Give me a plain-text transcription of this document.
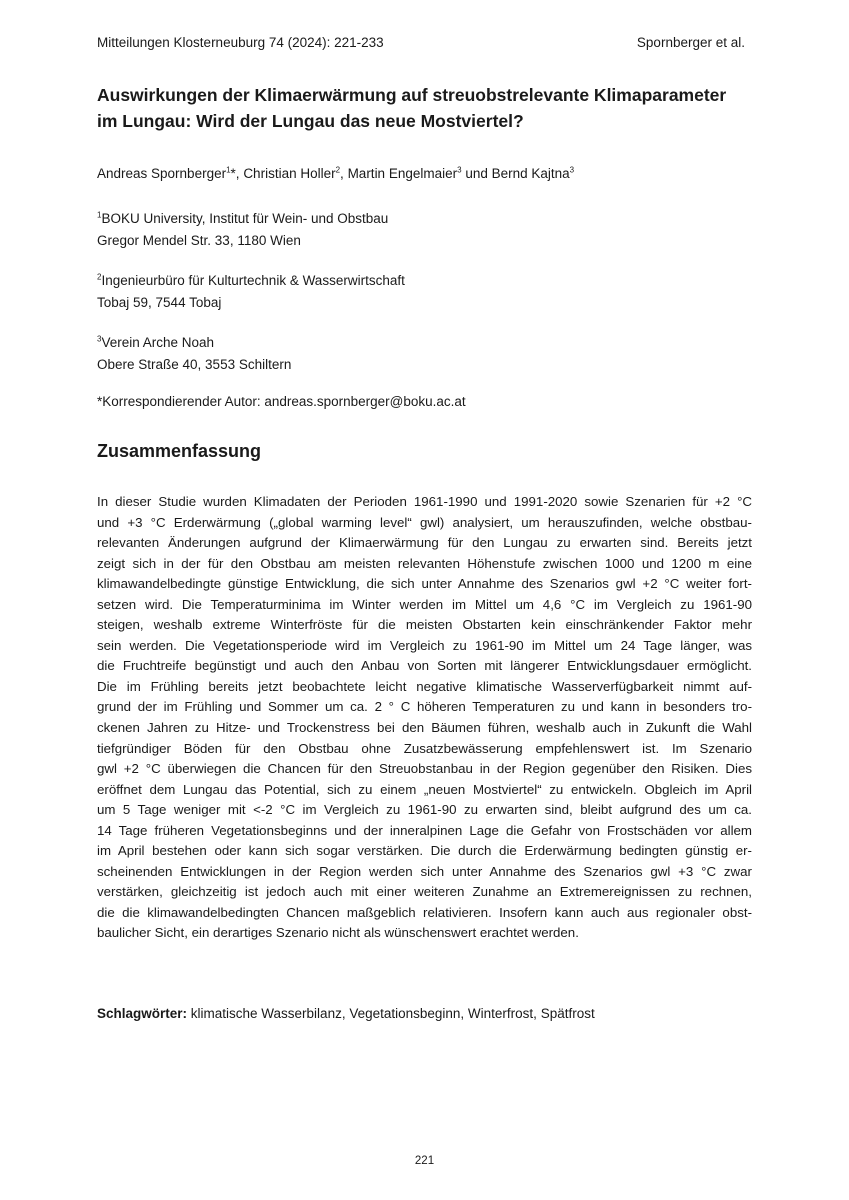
Mitteilungen Klosterneuburg 74 (2024): 221-233	Spornberger et al.
Auswirkungen der Klimaerwärmung auf streuobstrelevante Klimaparameter
im Lungau: Wird der Lungau das neue Mostviertel?
Andreas Spornberger$^1$*, Christian Holler$^2$, Martin Engelmaier$^3$ und Bernd Kajtna$^3$
$^1$BOKU University, Institut für Wein- und Obstbau
Gregor Mendel Str. 33, 1180 Wien
$^2$Ingenieurbüro für Kulturtechnik & Wasserwirtschaft
Tobaj 59, 7544 Tobaj
$^3$Verein Arche Noah
Obere Straße 40, 3553 Schiltern
*Korrespondierender Autor: andreas.spornberger@boku.ac.at
Zusammenfassung
In dieser Studie wurden Klimadaten der Perioden 1961-1990 und 1991-2020 sowie Szenarien für +2 °C
und +3 °C Erderwärmung („global warming level“ gwl) analysiert, um herauszufinden, welche obstbau-
relevanten Änderungen aufgrund der Klimaerwärmung für den Lungau zu erwarten sind. Bereits jetzt
zeigt sich in der für den Obstbau am meisten relevanten Höhenstufe zwischen 1000 und 1200 m eine
klimawandelbedingte günstige Entwicklung, die sich unter Annahme des Szenarios gwl +2 °C weiter fort-
setzen wird. Die Temperaturminima im Winter werden im Mittel um 4,6 °C im Vergleich zu 1961-90
steigen, weshalb extreme Winterfröste für die meisten Obstarten kein einschränkender Faktor mehr
sein werden. Die Vegetationsperiode wird im Vergleich zu 1961-90 im Mittel um 24 Tage länger, was
die Fruchtreife begünstigt und auch den Anbau von Sorten mit längerer Entwicklungsdauer ermöglicht.
Die im Frühling bereits jetzt beobachtete leicht negative klimatische Wasserverfügbarkeit nimmt auf-
grund der im Frühling und Sommer um ca. 2 ° C höheren Temperaturen zu und kann in besonders tro-
ckenen Jahren zu Hitze- und Trockenstress bei den Bäumen führen, weshalb auch in Zukunft die Wahl
tiefgründiger Böden für den Obstbau ohne Zusatzbewässerung empfehlenswert ist. Im Szenario
gwl +2 °C überwiegen die Chancen für den Streuobstanbau in der Region gegenüber den Risiken. Dies
eröffnet dem Lungau das Potential, sich zu einem „neuen Mostviertel“ zu entwickeln. Obgleich im April
um 5 Tage weniger mit <-2 °C im Vergleich zu 1961-90 zu erwarten sind, bleibt aufgrund des um ca.
14 Tage früheren Vegetationsbeginns und der inneralpinen Lage die Gefahr von Frostschäden vor allem
im April bestehen oder kann sich sogar verstärken. Die durch die Erderwärmung bedingten günstig er-
scheinenden Entwicklungen in der Region werden sich unter Annahme des Szenarios gwl +3 °C zwar
verstärken, gleichzeitig ist jedoch auch mit einer weiteren Zunahme an Extremereignissen zu rechnen,
die die klimawandelbedingten Chancen maßgeblich relativieren. Insofern kann auch aus regionaler obst-
baulicher Sicht, ein derartiges Szenario nicht als wünschenswert erachtet werden.
Schlagwörter: klimatische Wasserbilanz, Vegetationsbeginn, Winterfrost, Spätfrost
221
